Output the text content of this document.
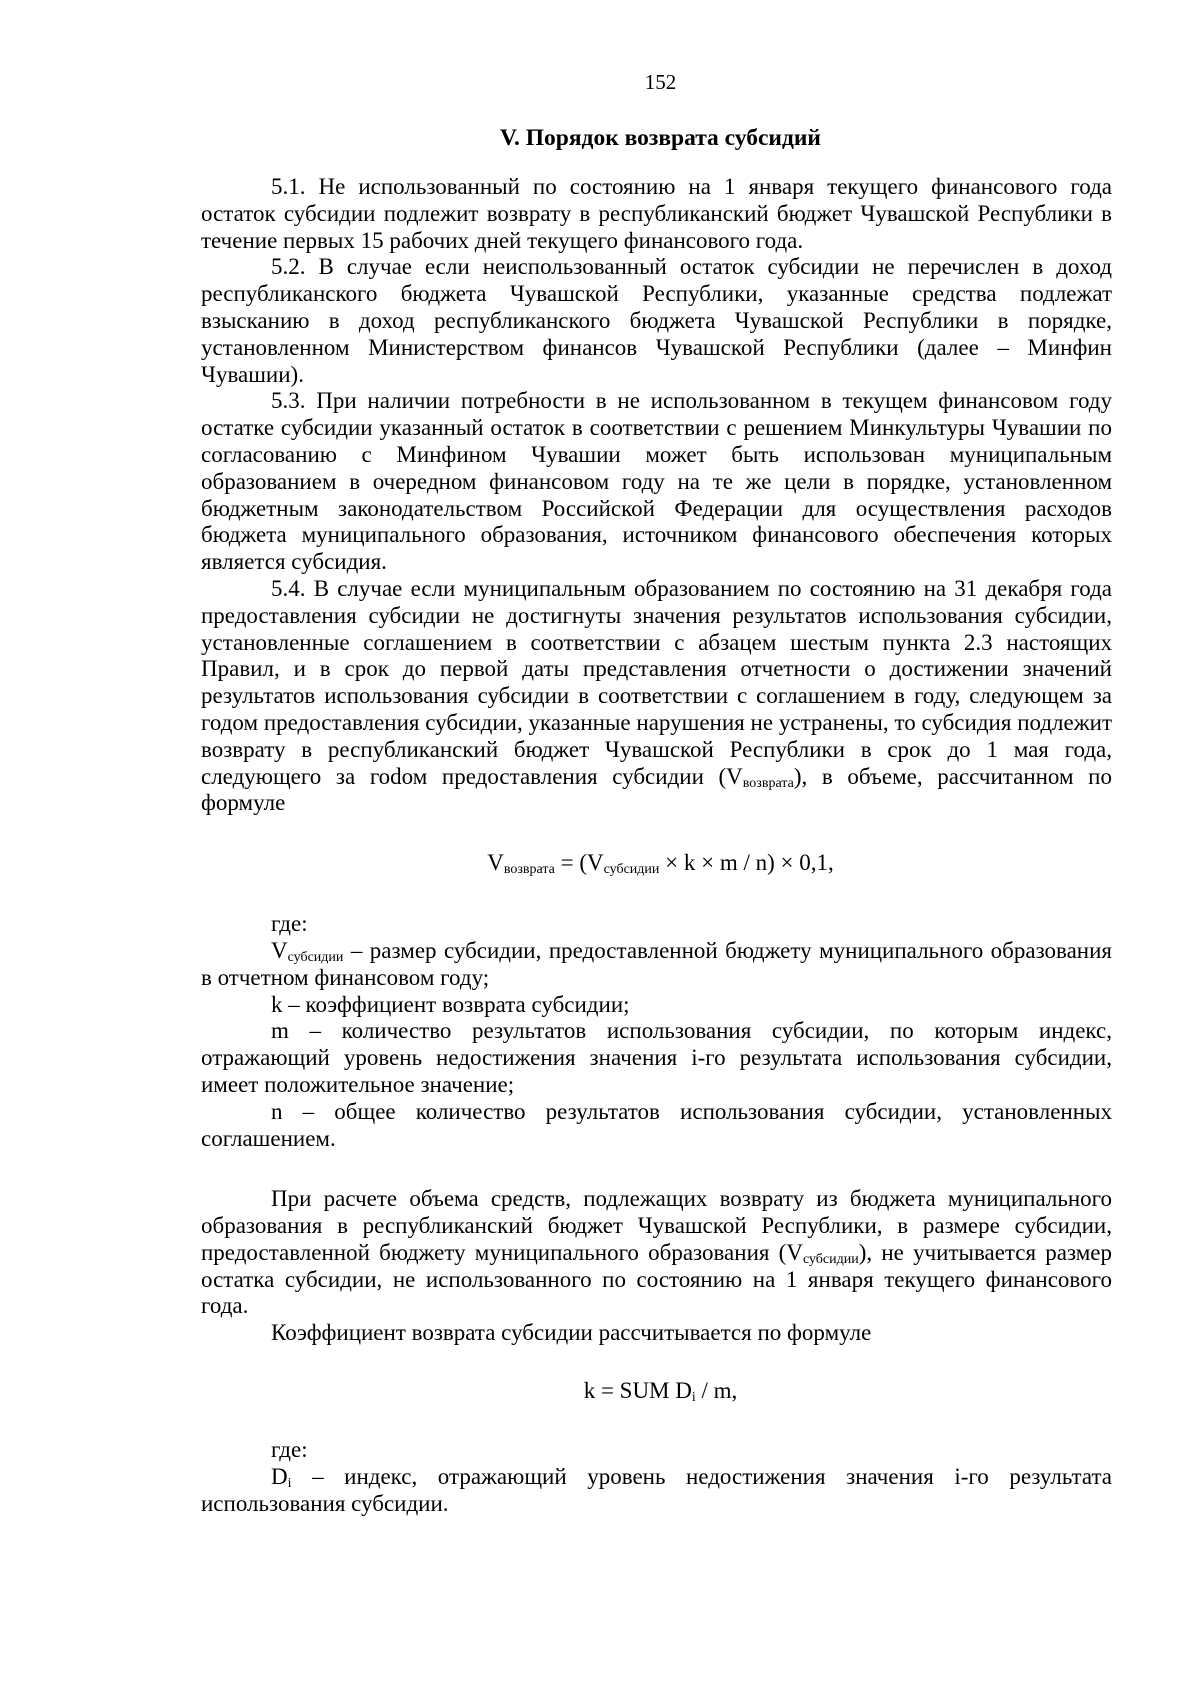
152
V. Порядок возврата субсидий

5.1. Не использованный по состоянию на 1 января текущего финансового года остаток субсидии подлежит возврату в республиканский бюджет Чувашской Республики в течение первых 15 рабочих дней текущего финансового года.

5.2. В случае если неиспользованный остаток субсидии не перечислен в доход республиканского бюджета Чувашской Республики, указанные средства подлежат взысканию в доход республиканского бюджета Чувашской Республики в порядке, установленном Министерством финансов Чувашской Республики (далее – Минфин Чувашии).

5.3. При наличии потребности в не использованном в текущем финансовом году остатке субсидии указанный остаток в соответствии с решением Минкультуры Чувашии по согласованию с Минфином Чувашии может быть использован муниципальным образованием в очередном финансовом году на те же цели в порядке, установленном бюджетным законодательством Российской Федерации для осуществления расходов бюджета муниципального образования, источником финансового обеспечения которых является субсидия.

5.4. В случае если муниципальным образованием по состоянию на 31 декабря года предоставления субсидии не достигнуты значения результатов использования субсидии, установленные соглашением в соответствии с абзацем шестым пункта 2.3 настоящих Правил, и в срок до первой даты представления отчетности о достижении значений результатов использования субсидии в соответствии с соглашением в году, следующем за годом предоставления субсидии, указанные нарушения не устранены, то субсидия подлежит возврату в республиканский бюджет Чувашской Республики в срок до 1 мая года, следующего за гоdом предоставления субсидии $(V_{возврата})$, в объеме, рассчитанном по формуле

$V_{возврата} = (V_{субсидии} \times k \times m / n) \times 0,1$,

где:

$V_{субсидии}$ – размер субсидии, предоставленной бюджету муниципального образования в отчетном финансовом году;

k – коэффициент возврата субсидии;

m – количество результатов использования субсидии, по которым индекс, отражающий уровень недостижения значения i-го результата использования субсидии, имеет положительное значение;

n – общее количество результатов использования субсидии, установленных соглашением.

При расчете объема средств, подлежащих возврату из бюджета муниципального образования в республиканский бюджет Чувашской Республики, в размере субсидии, предоставленной бюджету муниципального образования $(V_{субсидии})$, не учитывается размер остатка субсидии, не использованного по состоянию на 1 января текущего финансового года.

Коэффициент возврата субсидии рассчитывается по формуле

k = SUM $D_i$ / m,

где:

$D_i$ – индекс, отражающий уровень недостижения значения i-го результата использования субсидии.
